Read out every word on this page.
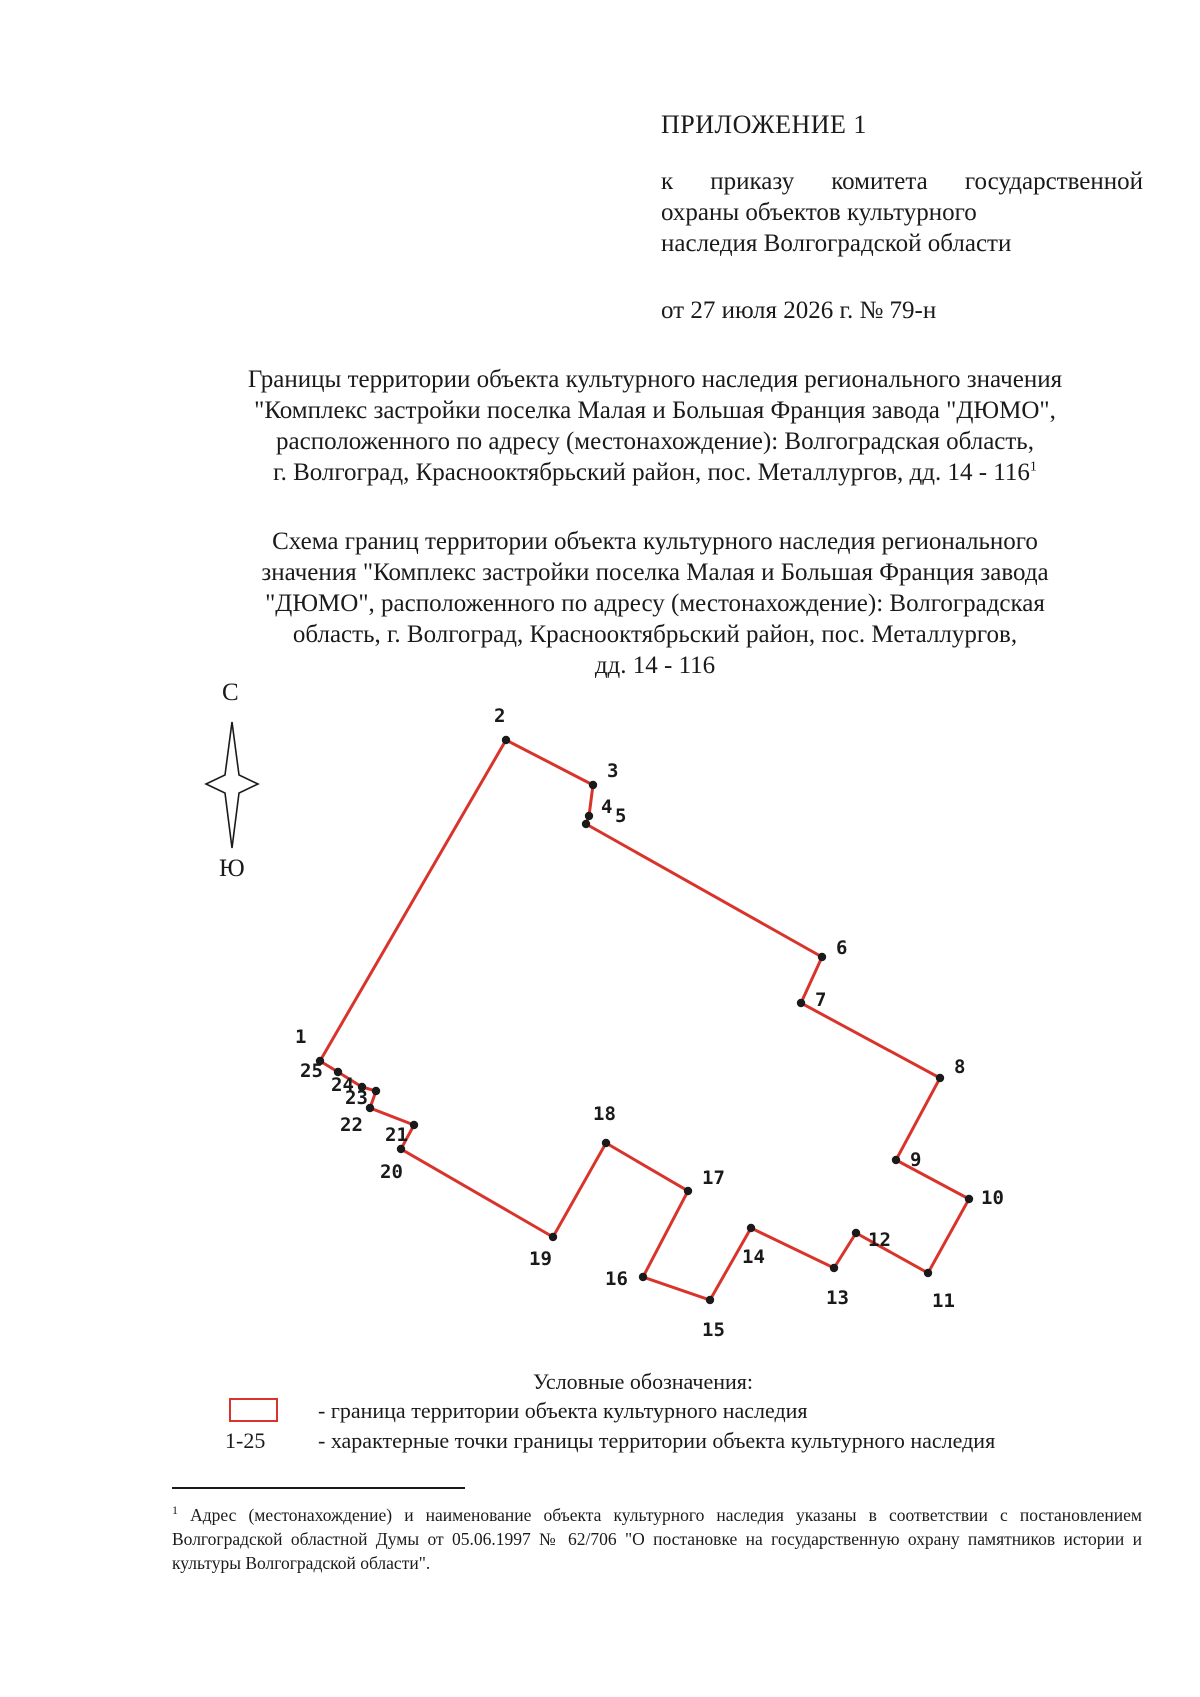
ПРИЛОЖЕНИЕ 1
к приказу комитета государственной
охраны объектов культурного
наследия Волгоградской области
от 27 июля 2026 г. № 79-н
Границы территории объекта культурного наследия регионального значения
"Комплекс застройки поселка Малая и Большая Франция завода "ДЮМО",
расположенного по адресу (местонахождение): Волгоградская область,
г. Волгоград, Краснооктябрьский район, пос. Металлургов, дд. $14 - 116^1$
Схема границ территории объекта культурного наследия регионального
значения "Комплекс застройки поселка Малая и Большая Франция завода
"ДЮМО", расположенного по адресу (местонахождение): Волгоградская
область, г. Волгоград, Краснооктябрьский район, пос. Металлургов,
дд. 14 - 116
С
Ю
1
2
3
4 5
6
7
8
9
10
11
12
13
14
15
16
17
18
19
20
21
22
23
24
25
Условные обозначения:
- граница территории объекта культурного наследия
1-25 - характерные точки границы территории объекта культурного наследия
$^1$ Адрес (местонахождение) и наименование объекта культурного наследия указаны в соответствии с постановлением Волгоградской областной Думы от 05.06.1997 № 62/706 "О постановке на государственную охрану памятников истории и культуры Волгоградской области".
